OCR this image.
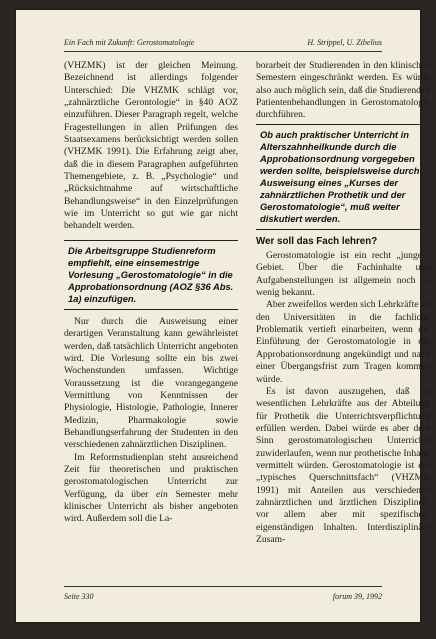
Ein Fach mit Zukunft: Gerostomatologie	H. Strippel, U. Zibelius

(VHZMK) ist der gleichen Meinung. Bezeichnend ist allerdings folgender Unterschied: Die VHZMK schlägt vor, „zahnärztliche Gerontologie“ in §40 AOZ einzuführen. Dieser Paragraph regelt, welche Fragestellungen in allen Prüfungen des Staatsexamens berücksichtigt werden sollen (VHZMK 1991). Die Erfahrung zeigt aber, daß die in diesem Paragraphen aufgeführten Themengebiete, z. B. „Psychologie“ und „Rücksichtnahme auf wirtschaftliche Behandlungsweise“ in den Einzelprüfungen wie im Unterricht so gut wie gar nicht behandelt werden.

Die Arbeitsgruppe Studienreform empfiehlt, eine einsemestrige Vorlesung „Gerostomatologie“ in die Approbationsordnung (AOZ §36 Abs. 1a) einzufügen.

Nur durch die Ausweisung einer derartigen Veranstaltung kann gewährleistet werden, daß tatsächlich Unterricht angeboten wird. Die Vorlesung sollte ein bis zwei Wochenstunden umfassen. Wichtige Voraussetzung ist die vorangegangene Vermittlung von Kenntnissen der Physiologie, Histologie, Pathologie, Innerer Medizin, Pharmakologie sowie Behandlungserfahrung der Studenten in den verschiedenen zahnärztlichen Disziplinen.

Im Reformstudienplan steht ausreichend Zeit für theoretischen und praktischen gerostomatologischen Unterricht zur Verfügung, da über ein Semester mehr klinischer Unterricht als bisher angeboten wird. Außerdem soll die La-

borarbeit der Studierenden in den klinischen Semestern eingeschränkt werden. Es würde also auch möglich sein, daß die Studierenden Patientenbehandlungen in Gerostomatologie durchführen.

Ob auch praktischer Unterricht in Alterszahnheilkunde durch die Approbationsordnung vorgegeben werden sollte, beispielsweise durch Ausweisung eines „Kurses der zahnärztlichen Prothetik und der Gerostomatologie“, muß weiter diskutiert werden.
Wer soll das Fach lehren?

Gerostomatologie ist ein recht „junges“ Gebiet. Über die Fachinhalte und Aufgabenstellungen ist allgemein noch zu wenig bekannt.

Aber zweifellos werden sich Lehrkräfte an den Universitäten in die fachliche Problematik vertieft einarbeiten, wenn die Einführung der Gerostomatologie in die Approbationsordnung angekündigt und nach einer Übergangsfrist zum Tragen kommen würde.

Es ist davon auszugehen, daß im wesentlichen Lehrkräfte aus der Abteilung für Prothetik die Unterrichtsverpflichtung erfüllen werden. Dabei würde es aber dem Sinn gerostomatologischen Unterrichts zuwiderlaufen, wenn nur prothetische Inhalte vermittelt würden. Gerostomatologie ist ein „typisches Querschnittsfach“ (VHZMK 1991) mit Anteilen aus verschiedenen zahnärztlichen und ärztlichen Disziplinen, vor allem aber mit spezifischen, eigenständigen Inhalten. Interdisziplinäre Zusam-

Seite 330	forum 39, 1992
